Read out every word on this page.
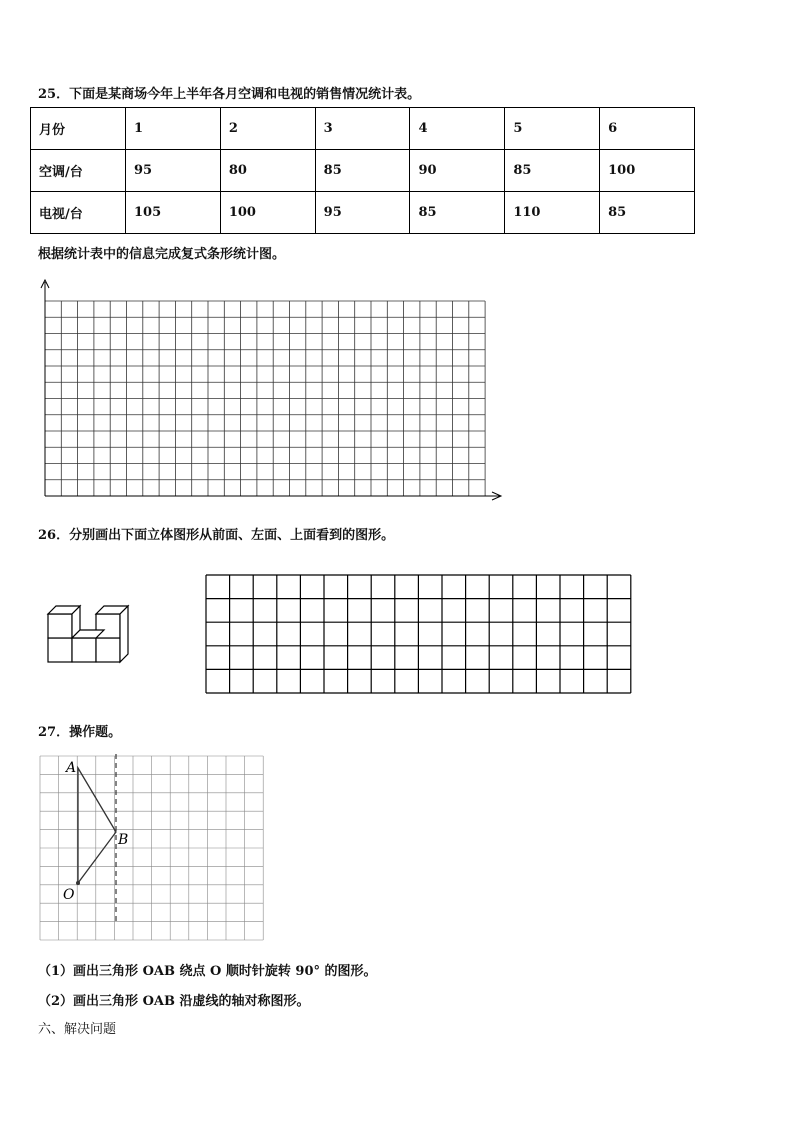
25．下面是某商场今年上半年各月空调和电视的销售情况统计表。
月份	1	2	3	4	5	6
空调/台	95	80	85	90	85	100
电视/台	105	100	95	85	110	85
根据统计表中的信息完成复式条形统计图。
26．分别画出下面立体图形从前面、左面、上面看到的图形。
27．操作题。
A
B
O
（1）画出三角形 OAB 绕点 O 顺时针旋转 90° 的图形。
（2）画出三角形 OAB 沿虚线的轴对称图形。
六、解决问题
